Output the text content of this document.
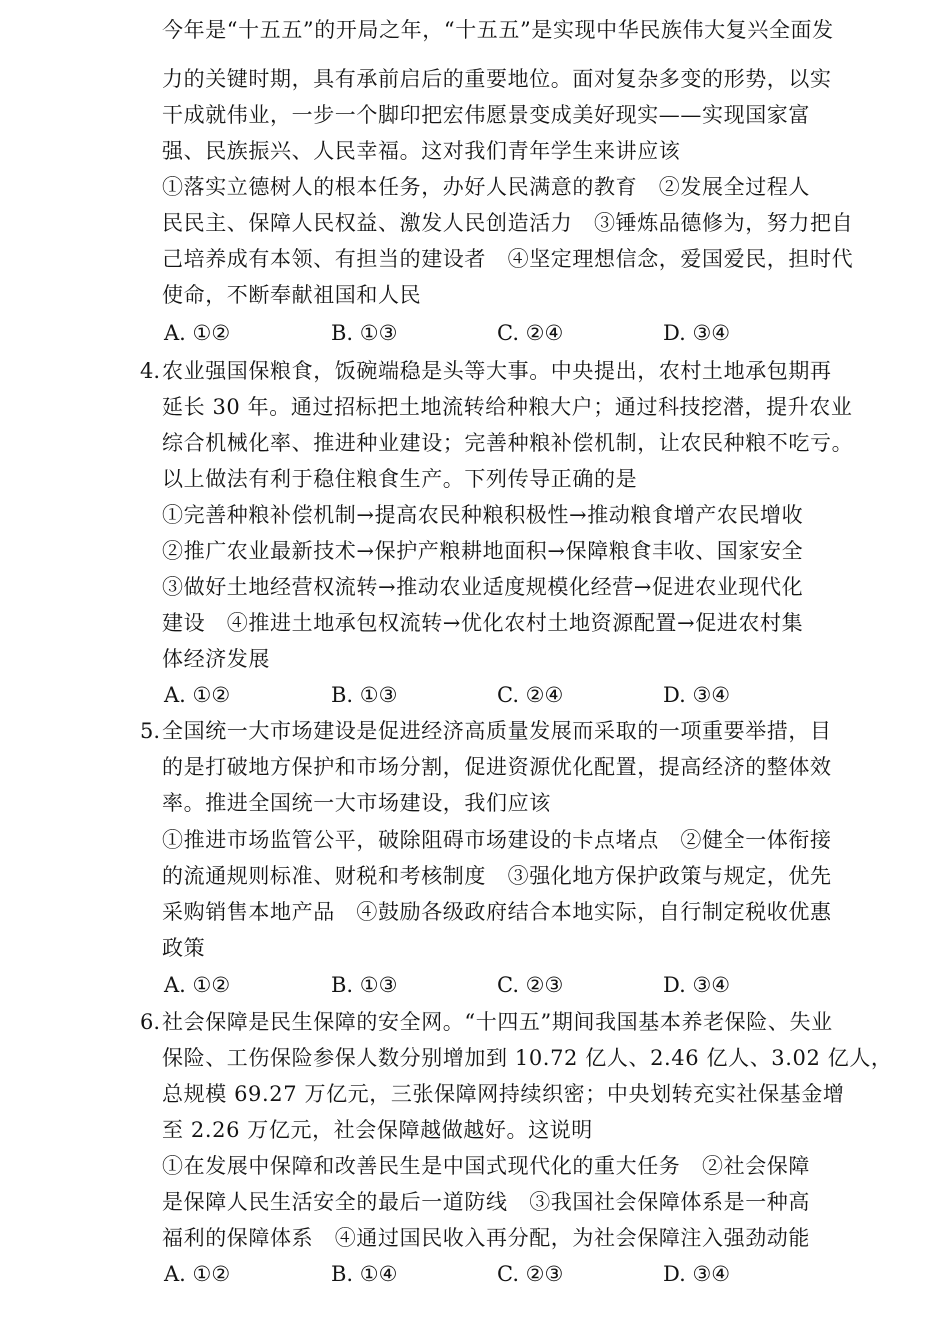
今年是“十五五”的开局之年，“十五五”是实现中华民族伟大复兴全面发
力的关键时期，具有承前启后的重要地位。面对复杂多变的形势，以实
干成就伟业，一步一个脚印把宏伟愿景变成美好现实——实现国家富
强、民族振兴、人民幸福。这对我们青年学生来讲应该
①落实立德树人的根本任务，办好人民满意的教育　②发展全过程人
民民主、保障人民权益、激发人民创造活力　③锤炼品德修为，努力把自
己培养成有本领、有担当的建设者　④坚定理想信念，爱国爱民，担时代
使命，不断奉献祖国和人民
A. ①②	B. ①③	C. ②④	D. ③④
4. 农业强国保粮食，饭碗端稳是头等大事。中央提出，农村土地承包期再
延长 30 年。通过招标把土地流转给种粮大户；通过科技挖潜，提升农业
综合机械化率、推进种业建设；完善种粮补偿机制，让农民种粮不吃亏。
以上做法有利于稳住粮食生产。下列传导正确的是
①完善种粮补偿机制→提高农民种粮积极性→推动粮食增产农民增收
②推广农业最新技术→保护产粮耕地面积→保障粮食丰收、国家安全
③做好土地经营权流转→推动农业适度规模化经营→促进农业现代化
建设　④推进土地承包权流转→优化农村土地资源配置→促进农村集
体经济发展
A. ①②	B. ①③	C. ②④	D. ③④
5. 全国统一大市场建设是促进经济高质量发展而采取的一项重要举措，目
的是打破地方保护和市场分割，促进资源优化配置，提高经济的整体效
率。推进全国统一大市场建设，我们应该
①推进市场监管公平，破除阻碍市场建设的卡点堵点　②健全一体衔接
的流通规则标准、财税和考核制度　③强化地方保护政策与规定，优先
采购销售本地产品　④鼓励各级政府结合本地实际，自行制定税收优惠
政策
A. ①②	B. ①③	C. ②③	D. ③④
6. 社会保障是民生保障的安全网。“十四五”期间我国基本养老保险、失业
保险、工伤保险参保人数分别增加到 10.72 亿人、2.46 亿人、3.02 亿人，
总规模 69.27 万亿元，三张保障网持续织密；中央划转充实社保基金增
至 2.26 万亿元，社会保障越做越好。这说明
①在发展中保障和改善民生是中国式现代化的重大任务　②社会保障
是保障人民生活安全的最后一道防线　③我国社会保障体系是一种高
福利的保障体系　④通过国民收入再分配，为社会保障注入强劲动能
A. ①②	B. ①④	C. ②③	D. ③④
